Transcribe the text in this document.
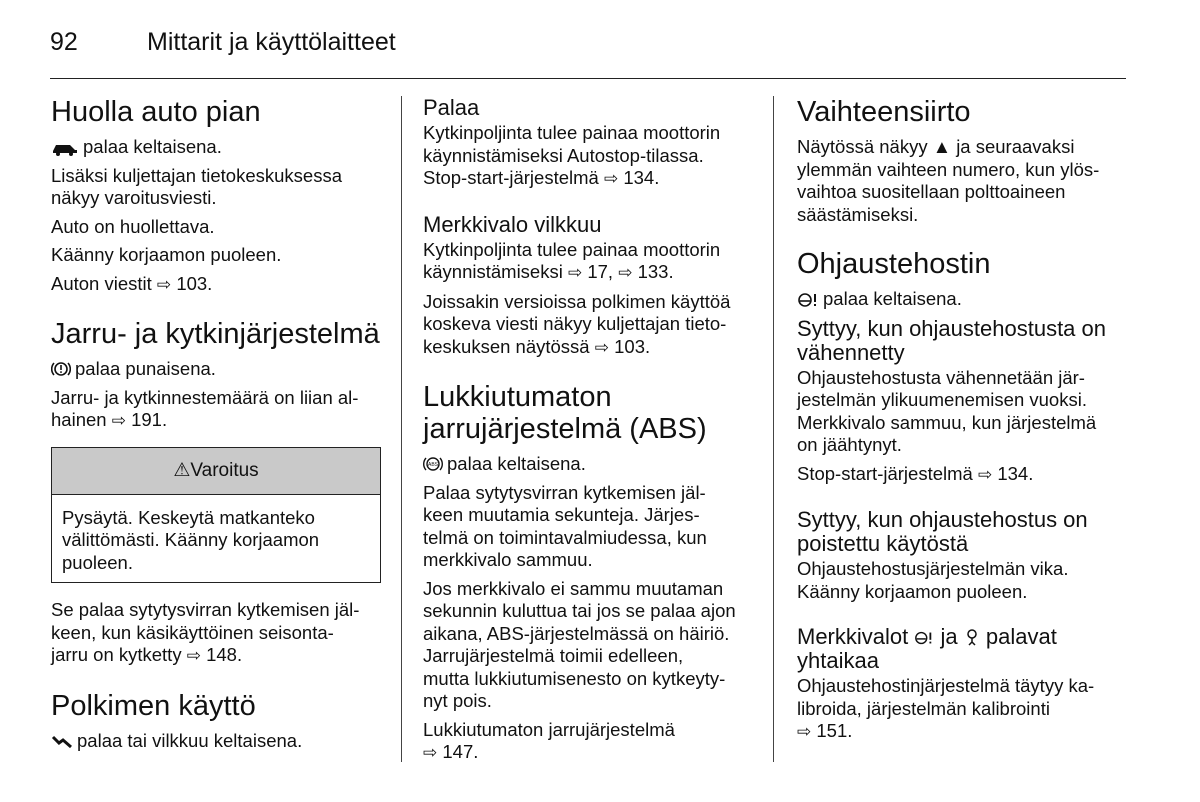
92	Mittarit ja käyttölaitteet
Huolla auto pian

palaa keltaisena.

Lisäksi kuljettajan tietokeskuksessa
näkyy varoitusviesti.

Auto on huollettava.

Käänny korjaamon puoleen.

Auton viestit ⇨ 103.

Jarru- ja kytkinjärjestelmä

palaa punaisena.

Jarru- ja kytkinnestemäärä on liian al-
hainen ⇨ 191.

⚠Varoitus

Pysäytä. Keskeytä matkanteko
välittömästi. Käänny korjaamon
puoleen.

Se palaa sytytysvirran kytkemisen jäl-
keen, kun käsikäyttöinen seisonta-
jarru on kytketty ⇨ 148.

Polkimen käyttö

palaa tai vilkkuu keltaisena.

Palaa

Kytkinpoljinta tulee painaa moottorin
käynnistämiseksi Autostop-tilassa.
Stop-start-järjestelmä ⇨ 134.

Merkkivalo vilkkuu

Kytkinpoljinta tulee painaa moottorin
käynnistämiseksi ⇨ 17, ⇨ 133.

Joissakin versioissa polkimen käyttöä
koskeva viesti näkyy kuljettajan tieto-
keskuksen näytössä ⇨ 103.

Lukkiutumaton
jarrujärjestelmä (ABS)

ABS palaa keltaisena.

Palaa sytytysvirran kytkemisen jäl-
keen muutamia sekunteja. Järjes-
telmä on toimintavalmiudessa, kun
merkkivalo sammuu.

Jos merkkivalo ei sammu muutaman
sekunnin kuluttua tai jos se palaa ajon
aikana, ABS-järjestelmässä on häiriö.
Jarrujärjestelmä toimii edelleen,
mutta lukkiutumisenesto on kytkeyty-
nyt pois.

Lukkiutumaton jarrujärjestelmä
⇨ 147.

Vaihteensiirto

Näytössä näkyy ▲ ja seuraavaksi
ylemmän vaihteen numero, kun ylös-
vaihtoa suositellaan polttoaineen
säästämiseksi.

Ohjaustehostin

palaa keltaisena.

Syttyy, kun ohjaustehostusta on
vähennetty

Ohjaustehostusta vähennetään jär-
jestelmän ylikuumenemisen vuoksi.
Merkkivalo sammuu, kun järjestelmä
on jäähtynyt.

Stop-start-järjestelmä ⇨ 134.

Syttyy, kun ohjaustehostus on
poistettu käytöstä

Ohjaustehostusjärjestelmän vika.
Käänny korjaamon puoleen.

Merkkivalot ja palavat
yhtaikaa

Ohjaustehostinjärjestelmä täytyy ka-
libroida, järjestelmän kalibrointi
⇨ 151.
